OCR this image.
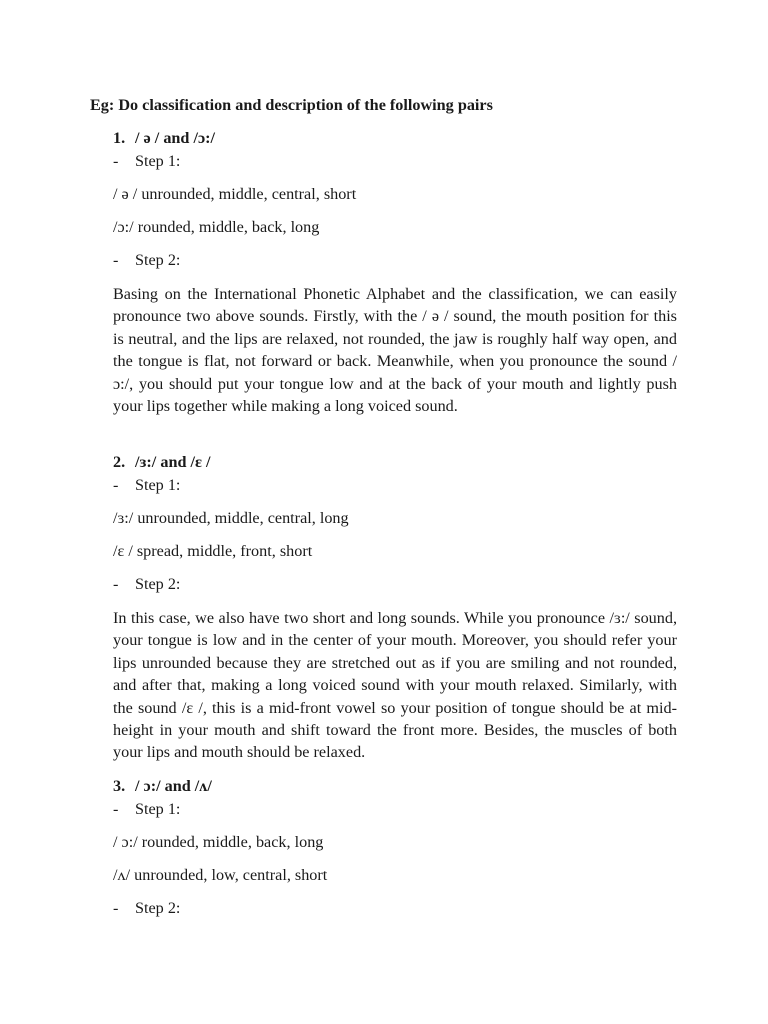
Eg: Do classification and description of the following pairs
1. / ə / and /ɔ:/
- Step 1:
/ ə / unrounded, middle, central, short
/ɔ:/ rounded, middle, back, long
- Step 2:
Basing on the International Phonetic Alphabet and the classification, we can easily pronounce two above sounds. Firstly, with the / ə / sound, the mouth position for this is neutral, and the lips are relaxed, not rounded, the jaw is roughly half way open, and the tongue is flat, not forward or back. Meanwhile, when you pronounce the sound /ɔ:/, you should put your tongue low and at the back of your mouth and lightly push your lips together while making a long voiced sound.
2. /ɜ:/ and /ɛ /
- Step 1:
/ɜ:/ unrounded, middle, central, long
/ɛ / spread, middle, front, short
- Step 2:
In this case, we also have two short and long sounds. While you pronounce /ɜ:/ sound, your tongue is low and in the center of your mouth. Moreover, you should refer your lips unrounded because they are stretched out as if you are smiling and not rounded, and after that, making a long voiced sound with your mouth relaxed. Similarly, with the sound /ɛ /, this is a mid-front vowel so your position of tongue should be at mid-height in your mouth and shift toward the front more. Besides, the muscles of both your lips and mouth should be relaxed.
3. / ɔ:/ and /ʌ/
- Step 1:
/ ɔ:/ rounded, middle, back, long
/ʌ/ unrounded, low, central, short
- Step 2:
